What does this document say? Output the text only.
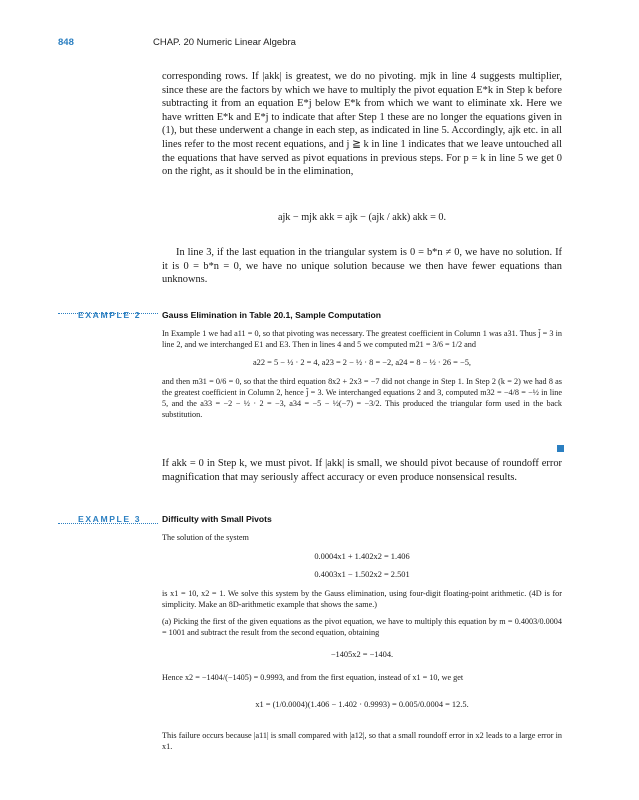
848	CHAP. 20 Numeric Linear Algebra

corresponding rows. If |akk| is greatest, we do no pivoting. mjk in line 4 suggests multiplier, since these are the factors by which we have to multiply the pivot equation E*k in Step k before subtracting it from an equation E*j below E*k from which we want to eliminate xk. Here we have written E*k and E*j to indicate that after Step 1 these are no longer the equations given in (1), but these underwent a change in each step, as indicated in line 5. Accordingly, ajk etc. in all lines refer to the most recent equations, and j ≧ k in line 1 indicates that we leave untouched all the equations that have served as pivot equations in previous steps. For p = k in line 5 we get 0 on the right, as it should be in the elimination,

ajk − mjk akk = ajk − (ajk / akk) akk = 0.

In line 3, if the last equation in the triangular system is 0 = b*n ≠ 0, we have no solution. If it is 0 = b*n = 0, we have no unique solution because we then have fewer equations than unknowns.

EXAMPLE 2 Gauss Elimination in Table 20.1, Sample Computation

In Example 1 we had a11 = 0, so that pivoting was necessary. The greatest coefficient in Column 1 was a31. Thus j̃ = 3 in line 2, and we interchanged E1 and E3. Then in lines 4 and 5 we computed m21 = 3/6 = 1/2 and

a22 = 5 − ½ · 2 = 4, a23 = 2 − ½ · 8 = −2, a24 = 8 − ½ · 26 = −5,

and then m31 = 0/6 = 0, so that the third equation 8x2 + 2x3 = −7 did not change in Step 1. In Step 2 (k = 2) we had 8 as the greatest coefficient in Column 2, hence j̃ = 3. We interchanged equations 2 and 3, computed m32 = −4/8 = −½ in line 5, and the a33 = −2 − ½ · 2 = −3, a34 = −5 − ½(−7) = −3/2. This produced the triangular form used in the back substitution.

If akk = 0 in Step k, we must pivot. If |akk| is small, we should pivot because of roundoff error magnification that may seriously affect accuracy or even produce nonsensical results.

EXAMPLE 3 Difficulty with Small Pivots

The solution of the system

0.0004x1 + 1.402x2 = 1.406
0.4003x1 − 1.502x2 = 2.501

is x1 = 10, x2 = 1. We solve this system by the Gauss elimination, using four-digit floating-point arithmetic. (4D is for simplicity. Make an 8D-arithmetic example that shows the same.)

(a) Picking the first of the given equations as the pivot equation, we have to multiply this equation by m = 0.4003/0.0004 = 1001 and subtract the result from the second equation, obtaining

−1405x2 = −1404.

Hence x2 = −1404/(−1405) = 0.9993, and from the first equation, instead of x1 = 10, we get

x1 = (1/0.0004)(1.406 − 1.402 · 0.9993) = 0.005/0.0004 = 12.5.

This failure occurs because |a11| is small compared with |a12|, so that a small roundoff error in x2 leads to a large error in x1.
